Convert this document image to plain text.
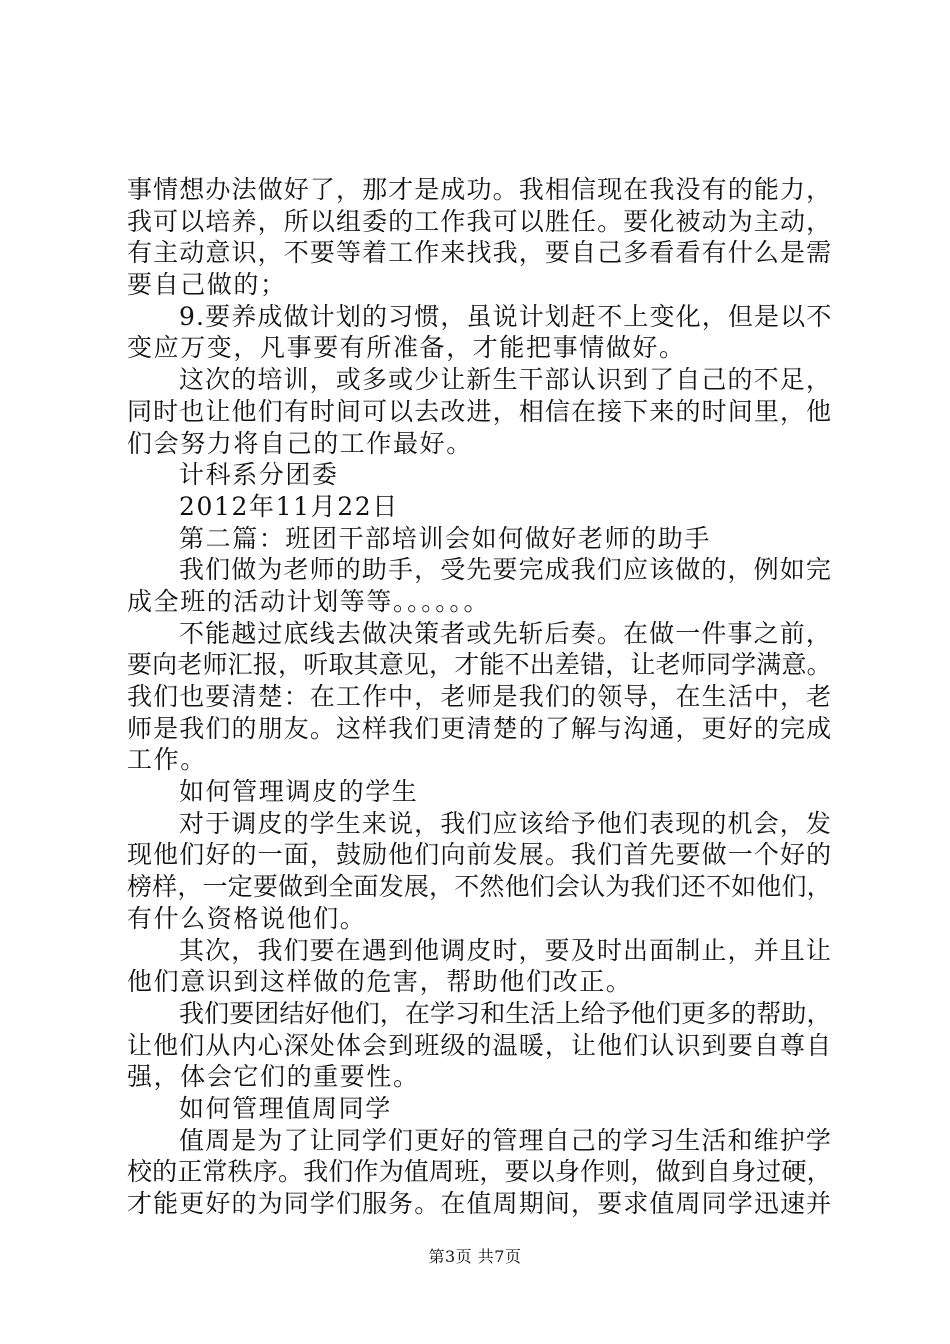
事情想办法做好了，那才是成功。我相信现在我没有的能力，
我可以培养，所以组委的工作我可以胜任。要化被动为主动，
有主动意识，不要等着工作来找我，要自己多看看有什么是需
要自己做的；
9.要养成做计划的习惯，虽说计划赶不上变化，但是以不
变应万变，凡事要有所准备，才能把事情做好。
这次的培训，或多或少让新生干部认识到了自己的不足，
同时也让他们有时间可以去改进，相信在接下来的时间里，他
们会努力将自己的工作最好。
计科系分团委
2012年11月22日
第二篇：班团干部培训会如何做好老师的助手
我们做为老师的助手，受先要完成我们应该做的，例如完
成全班的活动计划等等。。。。。。
不能越过底线去做决策者或先斩后奏。在做一件事之前，
要向老师汇报，听取其意见，才能不出差错，让老师同学满意。
我们也要清楚：在工作中，老师是我们的领导，在生活中，老
师是我们的朋友。这样我们更清楚的了解与沟通，更好的完成
工作。
如何管理调皮的学生
对于调皮的学生来说，我们应该给予他们表现的机会，发
现他们好的一面，鼓励他们向前发展。我们首先要做一个好的
榜样，一定要做到全面发展，不然他们会认为我们还不如他们，
有什么资格说他们。
其次，我们要在遇到他调皮时，要及时出面制止，并且让
他们意识到这样做的危害，帮助他们改正。
我们要团结好他们，在学习和生活上给予他们更多的帮助，
让他们从内心深处体会到班级的温暖，让他们认识到要自尊自
强，体会它们的重要性。
如何管理值周同学
值周是为了让同学们更好的管理自己的学习生活和维护学
校的正常秩序。我们作为值周班，要以身作则，做到自身过硬，
才能更好的为同学们服务。在值周期间，要求值周同学迅速并
第3页 共7页
